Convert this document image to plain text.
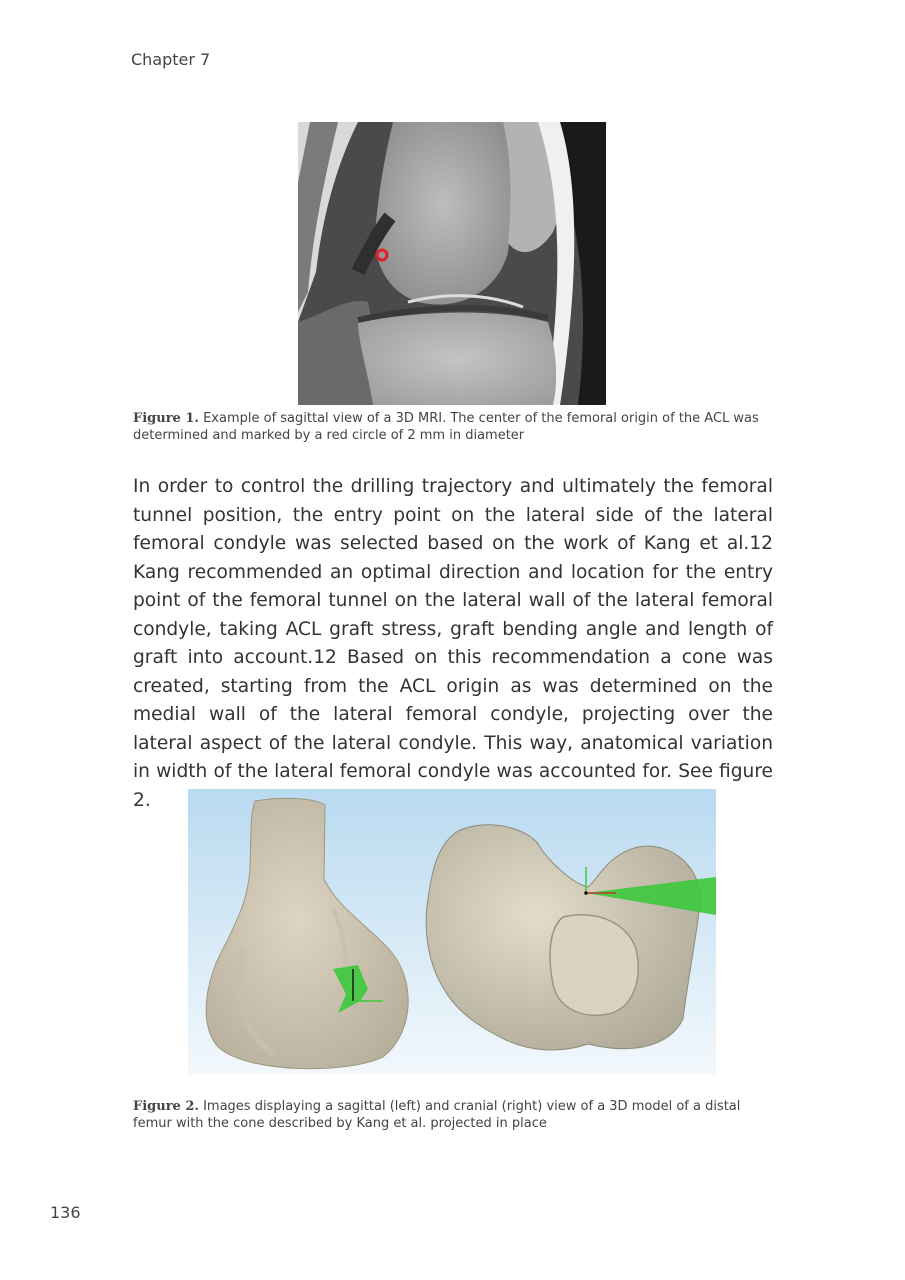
Chapter 7
Figure 1. Example of sagittal view of a 3D MRI. The center of the femoral origin of the ACL was determined and marked by a red circle of 2 mm in diameter

In order to control the drilling trajectory and ultimately the femoral tunnel position, the entry point on the lateral side of the lateral femoral condyle was selected based on the work of Kang et al.12 Kang recommended an optimal direction and location for the entry point of the femoral tunnel on the lateral wall of the lateral femoral condyle, taking ACL graft stress, graft bending angle and length of graft into account.12 Based on this recommendation a cone was created, starting from the ACL origin as was determined on the medial wall of the lateral femoral condyle, projecting over the lateral aspect of the lateral condyle. This way, anatomical variation in width of the lateral femoral condyle was accounted for. See figure 2.

Figure 2. Images displaying a sagittal (left) and cranial (right) view of a 3D model of a distal femur with the cone described by Kang et al. projected in place
136
